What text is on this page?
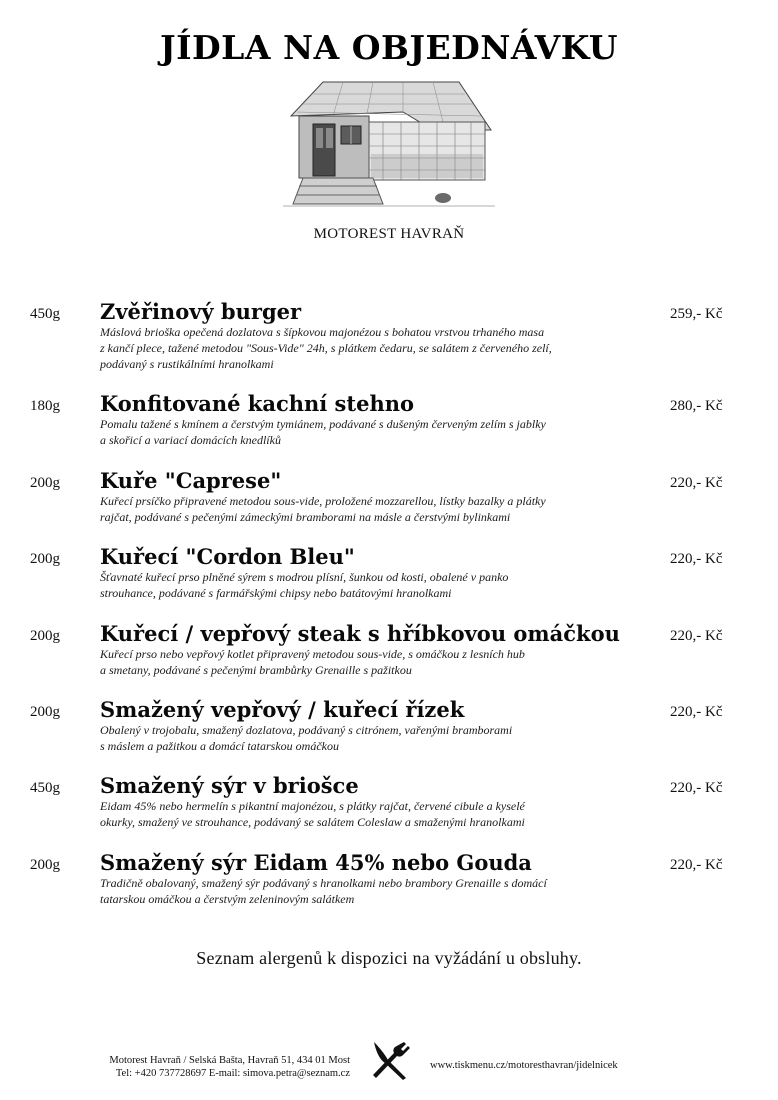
JÍDLA NA OBJEDNÁVKU
MOTOREST HAVRAŇ
450g Zvěřinový burger	259,- Kč
Máslová brioška opečená dozlatova s šípkovou majonézou s bohatou vrstvou trhaného masa
z kančí plece, tažené metodou "Sous-Vide" 24h, s plátkem čedaru, se salátem z červeného zelí,
podávaný s rustikálními hranolkami
180g Konfitované kachní stehno	280,- Kč
Pomalu tažené s kmínem a čerstvým tymiánem, podávané s dušeným červeným zelím s jablky
a skořicí a variací domácích knedlíků
200g Kuře "Caprese"	220,- Kč
Kuřecí prsíčko připravené metodou sous-vide, proložené mozzarellou, lístky bazalky a plátky
rajčat, podávané s pečenými zámeckými bramborami na másle a čerstvými bylinkami
200g Kuřecí "Cordon Bleu"	220,- Kč
Šťavnaté kuřecí prso plněné sýrem s modrou plísní, šunkou od kosti, obalené v panko
strouhance, podávané s farmářskými chipsy nebo batátovými hranolkami
200g Kuřecí / vepřový steak s hříbkovou omáčkou	220,- Kč
Kuřecí prso nebo vepřový kotlet připravený metodou sous-vide, s omáčkou z lesních hub
a smetany, podávané s pečenými brambůrky Grenaille s pažitkou
200g Smažený vepřový / kuřecí řízek	220,- Kč
Obalený v trojobalu, smažený dozlatova, podávaný s citrónem, vařenými bramborami
s máslem a pažitkou a domácí tatarskou omáčkou
450g Smažený sýr v briošce	220,- Kč
Eidam 45% nebo hermelín s pikantní majonézou, s plátky rajčat, červené cibule a kyselé
okurky, smažený ve strouhance, podávaný se salátem Coleslaw a smaženými hranolkami
200g Smažený sýr Eidam 45% nebo Gouda	220,- Kč
Tradičně obalovaný, smažený sýr podávaný s hranolkami nebo brambory Grenaille s domácí
tatarskou omáčkou a čerstvým zeleninovým salátkem
Seznam alergenů k dispozici na vyžádání u obsluhy.
Motorest Havraň / Selská Bašta, Havraň 51, 434 01 Most
Tel: +420 737728697 E-mail: simova.petra@seznam.cz
www.tiskmenu.cz/motoresthavran/jidelnicek
